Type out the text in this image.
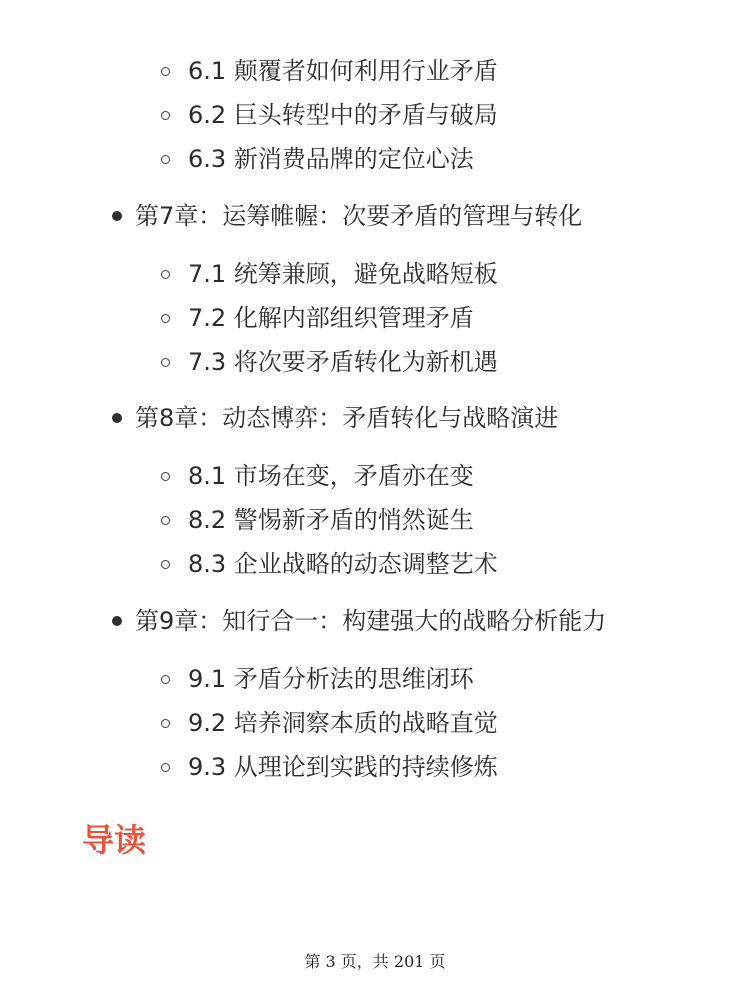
6.1 颠覆者如何利用行业矛盾
6.2 巨头转型中的矛盾与破局
6.3 新消费品牌的定位心法
第7章：运筹帷幄：次要矛盾的管理与转化
7.1 统筹兼顾，避免战略短板
7.2 化解内部组织管理矛盾
7.3 将次要矛盾转化为新机遇
第8章：动态博弈：矛盾转化与战略演进
8.1 市场在变，矛盾亦在变
8.2 警惕新矛盾的悄然诞生
8.3 企业战略的动态调整艺术
第9章：知行合一：构建强大的战略分析能力
9.1 矛盾分析法的思维闭环
9.2 培养洞察本质的战略直觉
9.3 从理论到实践的持续修炼
导读
第 3 页，共 201 页
